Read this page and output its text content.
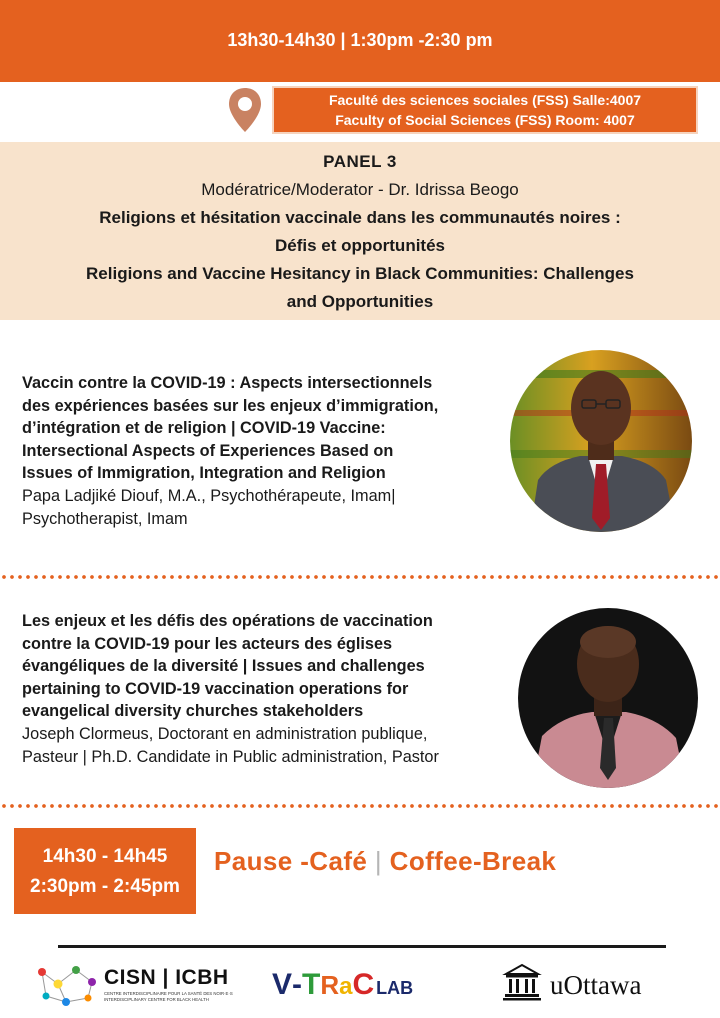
13h30-14h30 | 1:30pm -2:30 pm
Faculté des sciences sociales (FSS) Salle:4007
Faculty of Social Sciences (FSS) Room: 4007
PANEL 3
Modératrice/Moderator - Dr. Idrissa Beogo
Religions et hésitation vaccinale dans les communautés noires :
Défis et opportunités
Religions and Vaccine Hesitancy in Black Communities: Challenges
and Opportunities
Vaccin contre la COVID-19 : Aspects intersectionnels
des expériences basées sur les enjeux d’immigration,
d’intégration et de religion | COVID-19 Vaccine:
Intersectional Aspects of Experiences Based on
Issues of Immigration, Integration and Religion
Papa Ladjiké Diouf, M.A., Psychothérapeute, Imam|
Psychotherapist, Imam
Les enjeux et les défis des opérations de vaccination
contre la COVID-19 pour les acteurs des églises
évangéliques de la diversité | Issues and challenges
pertaining to COVID-19 vaccination operations for
evangelical diversity churches stakeholders
Joseph Clormeus, Doctorant en administration publique,
Pasteur | Ph.D. Candidate in Public administration, Pastor
14h30 - 14h45
2:30pm - 2:45pm
Pause -Café | Coffee-Break
CISN | ICBH
CENTRE INTERDISCIPLINAIRE POUR LA SANTÉ DES NOIR·E·S
INTERDISCIPLINARY CENTRE FOR BLACK HEALTH	V-TRaC LAB	uOttawa
